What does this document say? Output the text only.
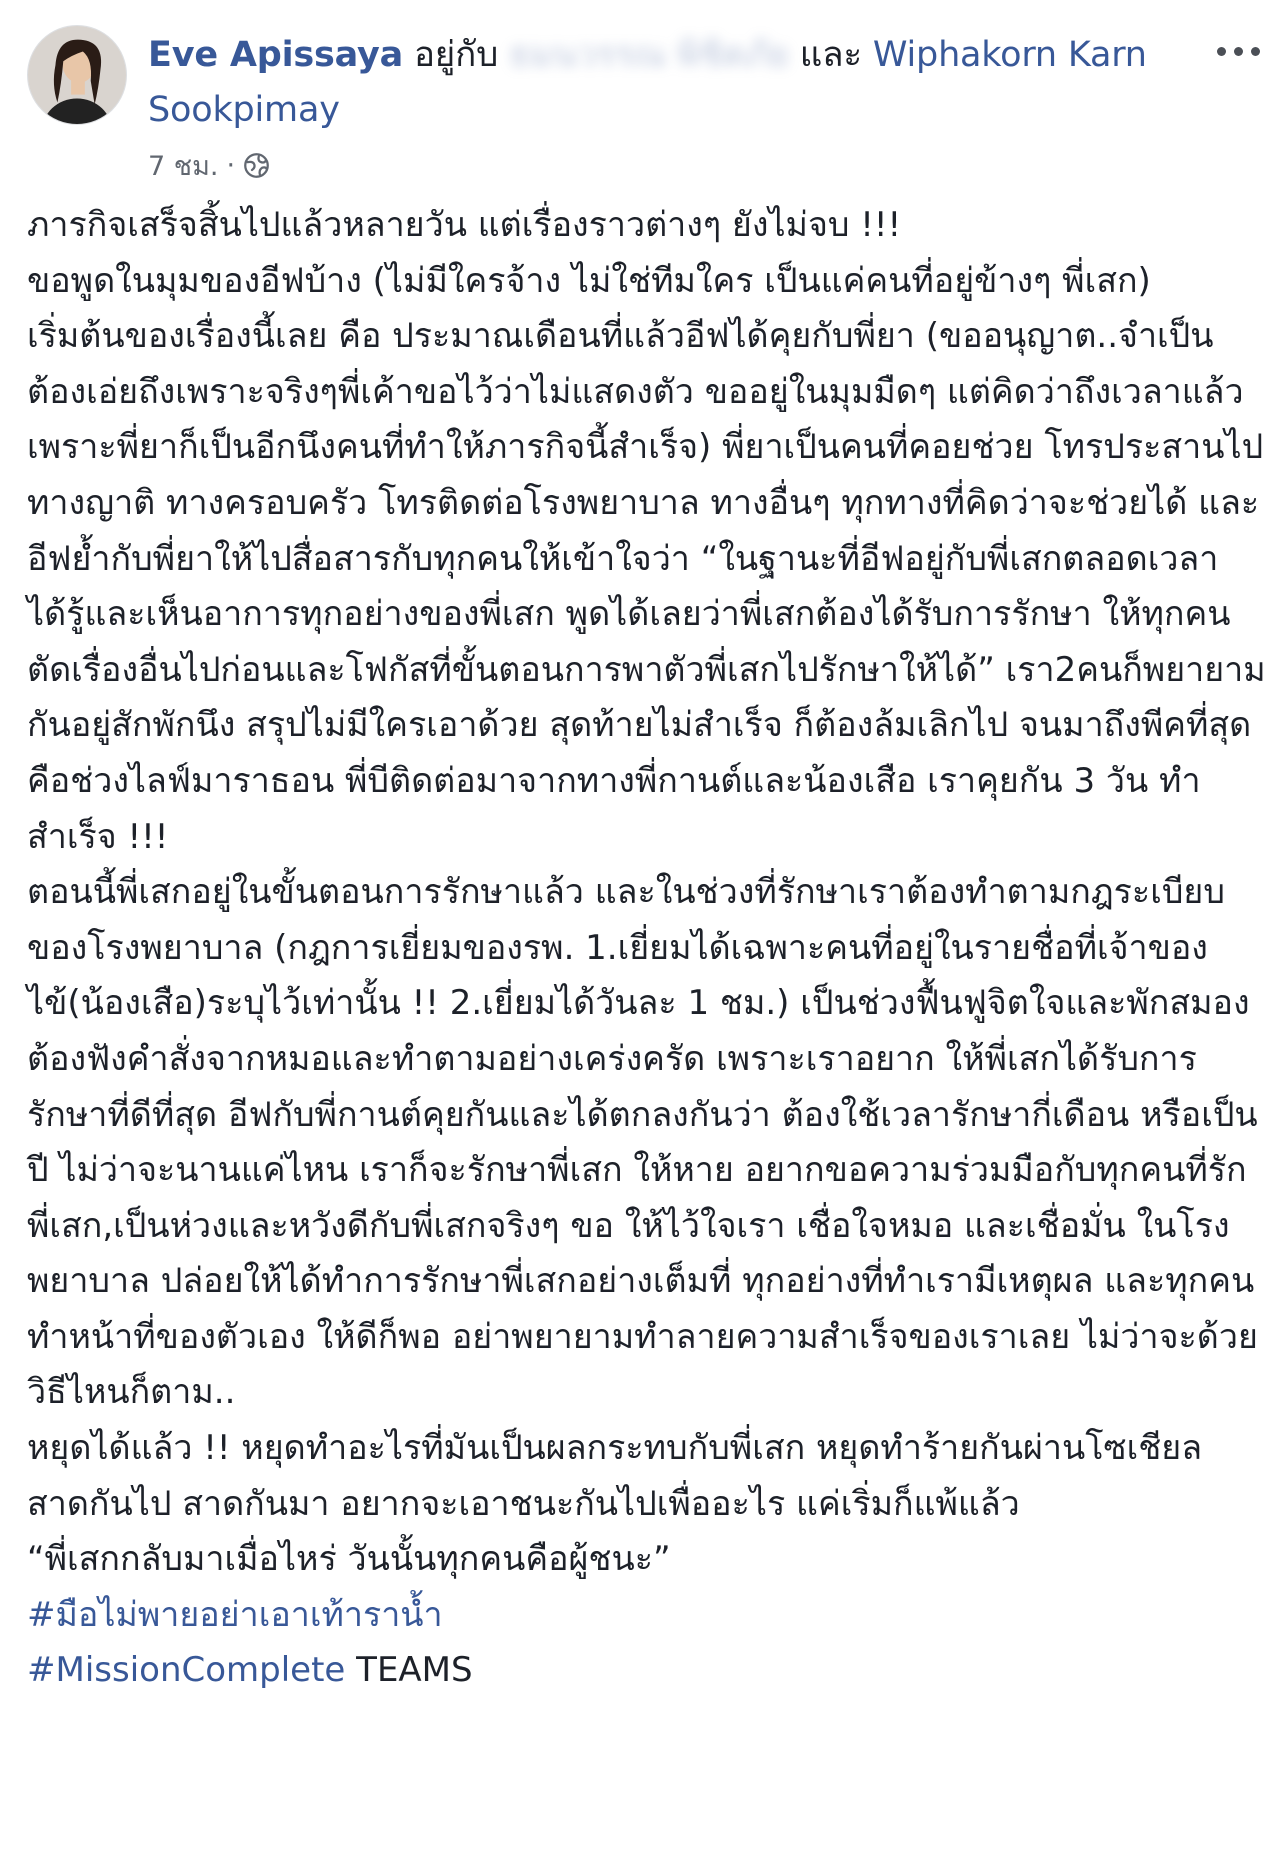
Eve Apissaya อยู่กับ ธมนวรรณ พิชิตภัย และ Wiphakorn Karn Sookpimay
7 ชม. ·

ภารกิจเสร็จสิ้นไปแล้วหลายวัน แต่เรื่องราวต่างๆ ยังไม่จบ !!!

ขอพูดในมุมของอีฟบ้าง (ไม่มีใครจ้าง ไม่ใช่ทีมใคร เป็นแค่คนที่อยู่ข้างๆ พี่เสก)

เริ่มต้นของเรื่องนี้เลย คือ ประมาณเดือนที่แล้วอีฟได้คุยกับพี่ยา (ขออนุญาต..จำเป็นต้องเอ่ยถึงเพราะจริงๆพี่เค้าขอไว้ว่าไม่แสดงตัว ขออยู่ในมุมมืดๆ แต่คิดว่าถึงเวลาแล้ว เพราะพี่ยาก็เป็นอีกนึงคนที่ทำให้ภารกิจนี้สำเร็จ) พี่ยาเป็นคนที่คอยช่วย โทรประสานไปทางญาติ ทางครอบครัว โทรติดต่อโรงพยาบาล ทางอื่นๆ ทุกทางที่คิดว่าจะช่วยได้ และอีฟย้ำกับพี่ยาให้ไปสื่อสารกับทุกคนให้เข้าใจว่า “ในฐานะที่อีฟอยู่กับพี่เสกตลอดเวลา ได้รู้และเห็นอาการทุกอย่างของพี่เสก พูดได้เลยว่าพี่เสกต้องได้รับการรักษา ให้ทุกคนตัดเรื่องอื่นไปก่อนและโฟกัสที่ขั้นตอนการพาตัวพี่เสกไปรักษาให้ได้” เรา2คนก็พยายามกันอยู่สักพักนึง สรุปไม่มีใครเอาด้วย สุดท้ายไม่สำเร็จ ก็ต้องล้มเลิกไป จนมาถึงพีคที่สุด คือช่วงไลฟ์มาราธอน พี่บีติดต่อมาจากทางพี่กานต์และน้องเสือ เราคุยกัน 3 วัน ทำสำเร็จ !!!

ตอนนี้พี่เสกอยู่ในขั้นตอนการรักษาแล้ว และในช่วงที่รักษาเราต้องทำตามกฎระเบียบของโรงพยาบาล (กฎการเยี่ยมของรพ. 1.เยี่ยมได้เฉพาะคนที่อยู่ในรายชื่อที่เจ้าของไข้(น้องเสือ)ระบุไว้เท่านั้น !! 2.เยี่ยมได้วันละ 1 ชม.) เป็นช่วงฟื้นฟูจิตใจและพักสมอง ต้องฟังคำสั่งจากหมอและทำตามอย่างเคร่งครัด เพราะเราอยาก ให้พี่เสกได้รับการรักษาที่ดีที่สุด อีฟกับพี่กานต์คุยกันและได้ตกลงกันว่า ต้องใช้เวลารักษากี่เดือน หรือเป็นปี ไม่ว่าจะนานแค่ไหน เราก็จะรักษาพี่เสก ให้หาย อยากขอความร่วมมือกับทุกคนที่รักพี่เสก,เป็นห่วงและหวังดีกับพี่เสกจริงๆ ขอ ให้ไว้ใจเรา เชื่อใจหมอ และเชื่อมั่น ในโรงพยาบาล ปล่อยให้ได้ทำการรักษาพี่เสกอย่างเต็มที่ ทุกอย่างที่ทำเรามีเหตุผล และทุกคนทำหน้าที่ของตัวเอง ให้ดีก็พอ อย่าพยายามทำลายความสำเร็จของเราเลย ไม่ว่าจะด้วยวิธีไหนก็ตาม..

หยุดได้แล้ว !! หยุดทำอะไรที่มันเป็นผลกระทบกับพี่เสก หยุดทำร้ายกันผ่านโซเชียล สาดกันไป สาดกันมา อยากจะเอาชนะกันไปเพื่ออะไร แค่เริ่มก็แพ้แล้ว

“พี่เสกกลับมาเมื่อไหร่ วันนั้นทุกคนคือผู้ชนะ”

#มือไม่พายอย่าเอาเท้าราน้ำ

#MissionComplete TEAMS
